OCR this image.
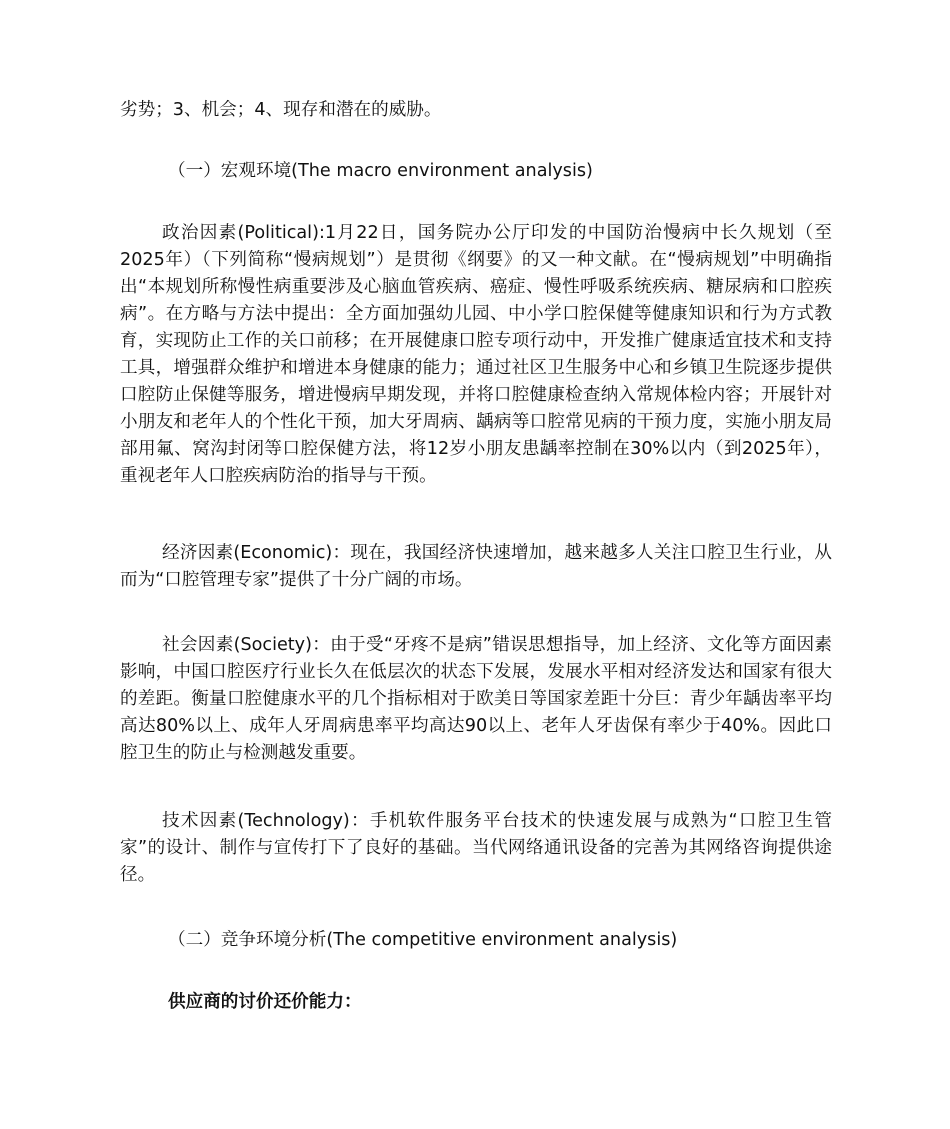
劣势；3、机会；4、现存和潜在的威胁。

（一）宏观环境(The macro environment analysis)

政治因素(Political):1月22日，国务院办公厅印发的中国防治慢病中长久规划（至2025年）（下列简称“慢病规划”）是贯彻《纲要》的又一种文献。在“慢病规划”中明确指出“本规划所称慢性病重要涉及心脑血管疾病、癌症、慢性呼吸系统疾病、糖尿病和口腔疾病”。在方略与方法中提出：全方面加强幼儿园、中小学口腔保健等健康知识和行为方式教育，实现防止工作的关口前移；在开展健康口腔专项行动中，开发推广健康适宜技术和支持工具，增强群众维护和增进本身健康的能力；通过社区卫生服务中心和乡镇卫生院逐步提供口腔防止保健等服务，增进慢病早期发现，并将口腔健康检查纳入常规体检内容；开展针对小朋友和老年人的个性化干预，加大牙周病、龋病等口腔常见病的干预力度，实施小朋友局部用氟、窝沟封闭等口腔保健方法，将12岁小朋友患龋率控制在30%以内（到2025年），重视老年人口腔疾病防治的指导与干预。

经济因素(Economic)：现在，我国经济快速增加，越来越多人关注口腔卫生行业，从而为“口腔管理专家”提供了十分广阔的市场。

社会因素(Society)：由于受“牙疼不是病”错误思想指导，加上经济、文化等方面因素影响，中国口腔医疗行业长久在低层次的状态下发展，发展水平相对经济发达和国家有很大的差距。衡量口腔健康水平的几个指标相对于欧美日等国家差距十分巨：青少年龋齿率平均高达80%以上、成年人牙周病患率平均高达90以上、老年人牙齿保有率少于40%。因此口腔卫生的防止与检测越发重要。

技术因素(Technology)：手机软件服务平台技术的快速发展与成熟为“口腔卫生管家”的设计、制作与宣传打下了良好的基础。当代网络通讯设备的完善为其网络咨询提供途径。

（二）竞争环境分析(The competitive environment analysis)

供应商的讨价还价能力：
